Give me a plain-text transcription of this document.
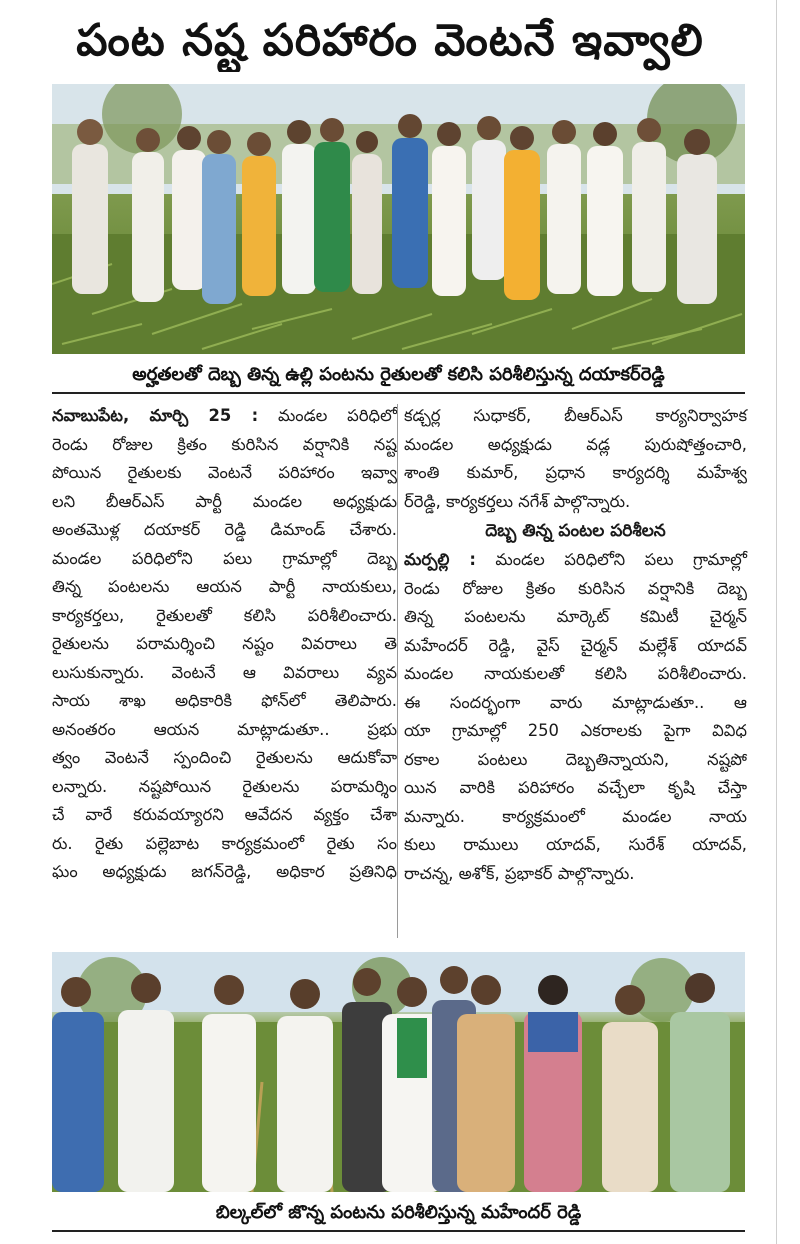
పంట నష్ట పరిహారం వెంటనే ఇవ్వాలి
అర్హతలతో దెబ్బ తిన్న ఉల్లి పంటను రైతులతో కలిసి పరిశీలిస్తున్న దయాకర్‌రెడ్డి

నవాబుపేట, మార్చి 25 : మండల పరిధిలో

రెండు రోజుల క్రితం కురిసిన వర్షానికి నష్ట

పోయిన రైతులకు వెంటనే పరిహారం ఇవ్వా

లని బీఆర్ఎస్ పార్టీ మండల అధ్యక్షుడు

అంతమొళ్ల దయాకర్ రెడ్డి డిమాండ్ చేశారు.

మండల పరిధిలోని పలు గ్రామాల్లో దెబ్బ

తిన్న పంటలను ఆయన పార్టీ నాయకులు,

కార్యకర్తలు, రైతులతో కలిసి పరిశీలించారు.

రైతులను పరామర్శించి నష్టం వివరాలు తె

లుసుకున్నారు. వెంటనే ఆ వివరాలు వ్యవ

సాయ శాఖ అధికారికి ఫోన్‌లో తెలిపారు.

అనంతరం ఆయన మాట్లాడుతూ.. ప్రభు

త్వం వెంటనే స్పందించి రైతులను ఆదుకోవా

లన్నారు. నష్టపోయిన రైతులను పరామర్శిం

చే వారే కరువయ్యారని ఆవేదన వ్యక్తం చేశా

రు. రైతు పల్లెబాట కార్యక్రమంలో రైతు సం

ఘం అధ్యక్షుడు జగన్‌రెడ్డి, అధికార ప్రతినిధి

కడ్చర్ల సుధాకర్, బీఆర్ఎస్ కార్యనిర్వాహక

మండల అధ్యక్షుడు వడ్ల పురుషోత్తంచారి,

శాంతి కుమార్, ప్రధాన కార్యదర్శి మహేశ్వ

ర్‌రెడ్డి, కార్యకర్తలు నగేశ్ పాల్గొన్నారు.

దెబ్బ తిన్న పంటల పరిశీలన

మర్పల్లి : మండల పరిధిలోని పలు గ్రామాల్లో

రెండు రోజుల క్రితం కురిసిన వర్షానికి దెబ్బ

తిన్న పంటలను మార్కెట్ కమిటీ చైర్మన్

మహేందర్ రెడ్డి, వైస్ చైర్మన్ మల్లేశ్ యాదవ్

మండల నాయకులతో కలిసి పరిశీలించారు.

ఈ సందర్భంగా వారు మాట్లాడుతూ.. ఆ

యా గ్రామాల్లో 250 ఎకరాలకు పైగా వివిధ

రకాల పంటలు దెబ్బతిన్నాయని, నష్టపో

యిన వారికి పరిహారం వచ్చేలా కృషి చేస్తా

మన్నారు. కార్యక్రమంలో మండల నాయ

కులు రాములు యాదవ్, సురేశ్ యాదవ్,

రాచన్న, అశోక్, ప్రభాకర్ పాల్గొన్నారు.

బిల్కల్‌లో జొన్న పంటను పరిశీలిస్తున్న మహేందర్ రెడ్డి
